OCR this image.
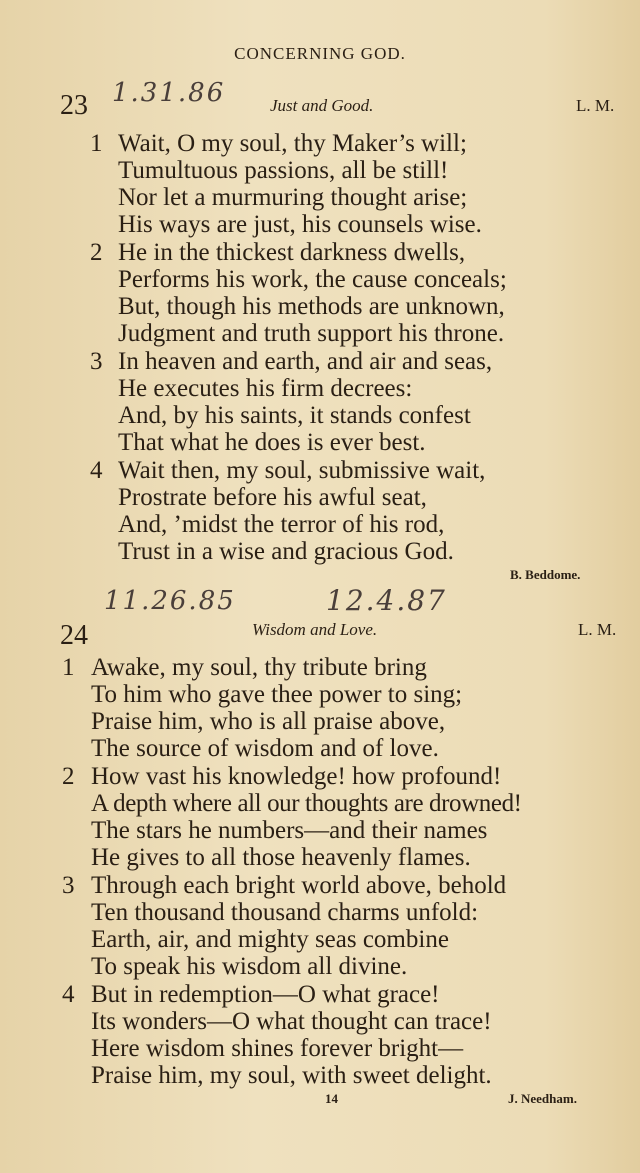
CONCERNING GOD.
23 1.31.86	Just and Good.	L. M.
1 Wait, O my soul, thy Maker’s will;
Tumultuous passions, all be still!
Nor let a murmuring thought arise;
His ways are just, his counsels wise.
2 He in the thickest darkness dwells,
Performs his work, the cause conceals;
But, though his methods are unknown,
Judgment and truth support his throne.
3 In heaven and earth, and air and seas,
He executes his firm decrees:
And, by his saints, it stands confest
That what he does is ever best.
4 Wait then, my soul, submissive wait,
Prostrate before his awful seat,
And, ’midst the terror of his rod,
Trust in a wise and gracious God.
B. Beddome.
11.26.85	12.4.87
24	Wisdom and Love.	L. M.
1 Awake, my soul, thy tribute bring
To him who gave thee power to sing;
Praise him, who is all praise above,
The source of wisdom and of love.
2 How vast his knowledge! how profound!
A depth where all our thoughts are drowned!
The stars he numbers—and their names
He gives to all those heavenly flames.
3 Through each bright world above, behold
Ten thousand thousand charms unfold:
Earth, air, and mighty seas combine
To speak his wisdom all divine.
4 But in redemption—O what grace!
Its wonders—O what thought can trace!
Here wisdom shines forever bright—
Praise him, my soul, with sweet delight.
14	J. Needham.
